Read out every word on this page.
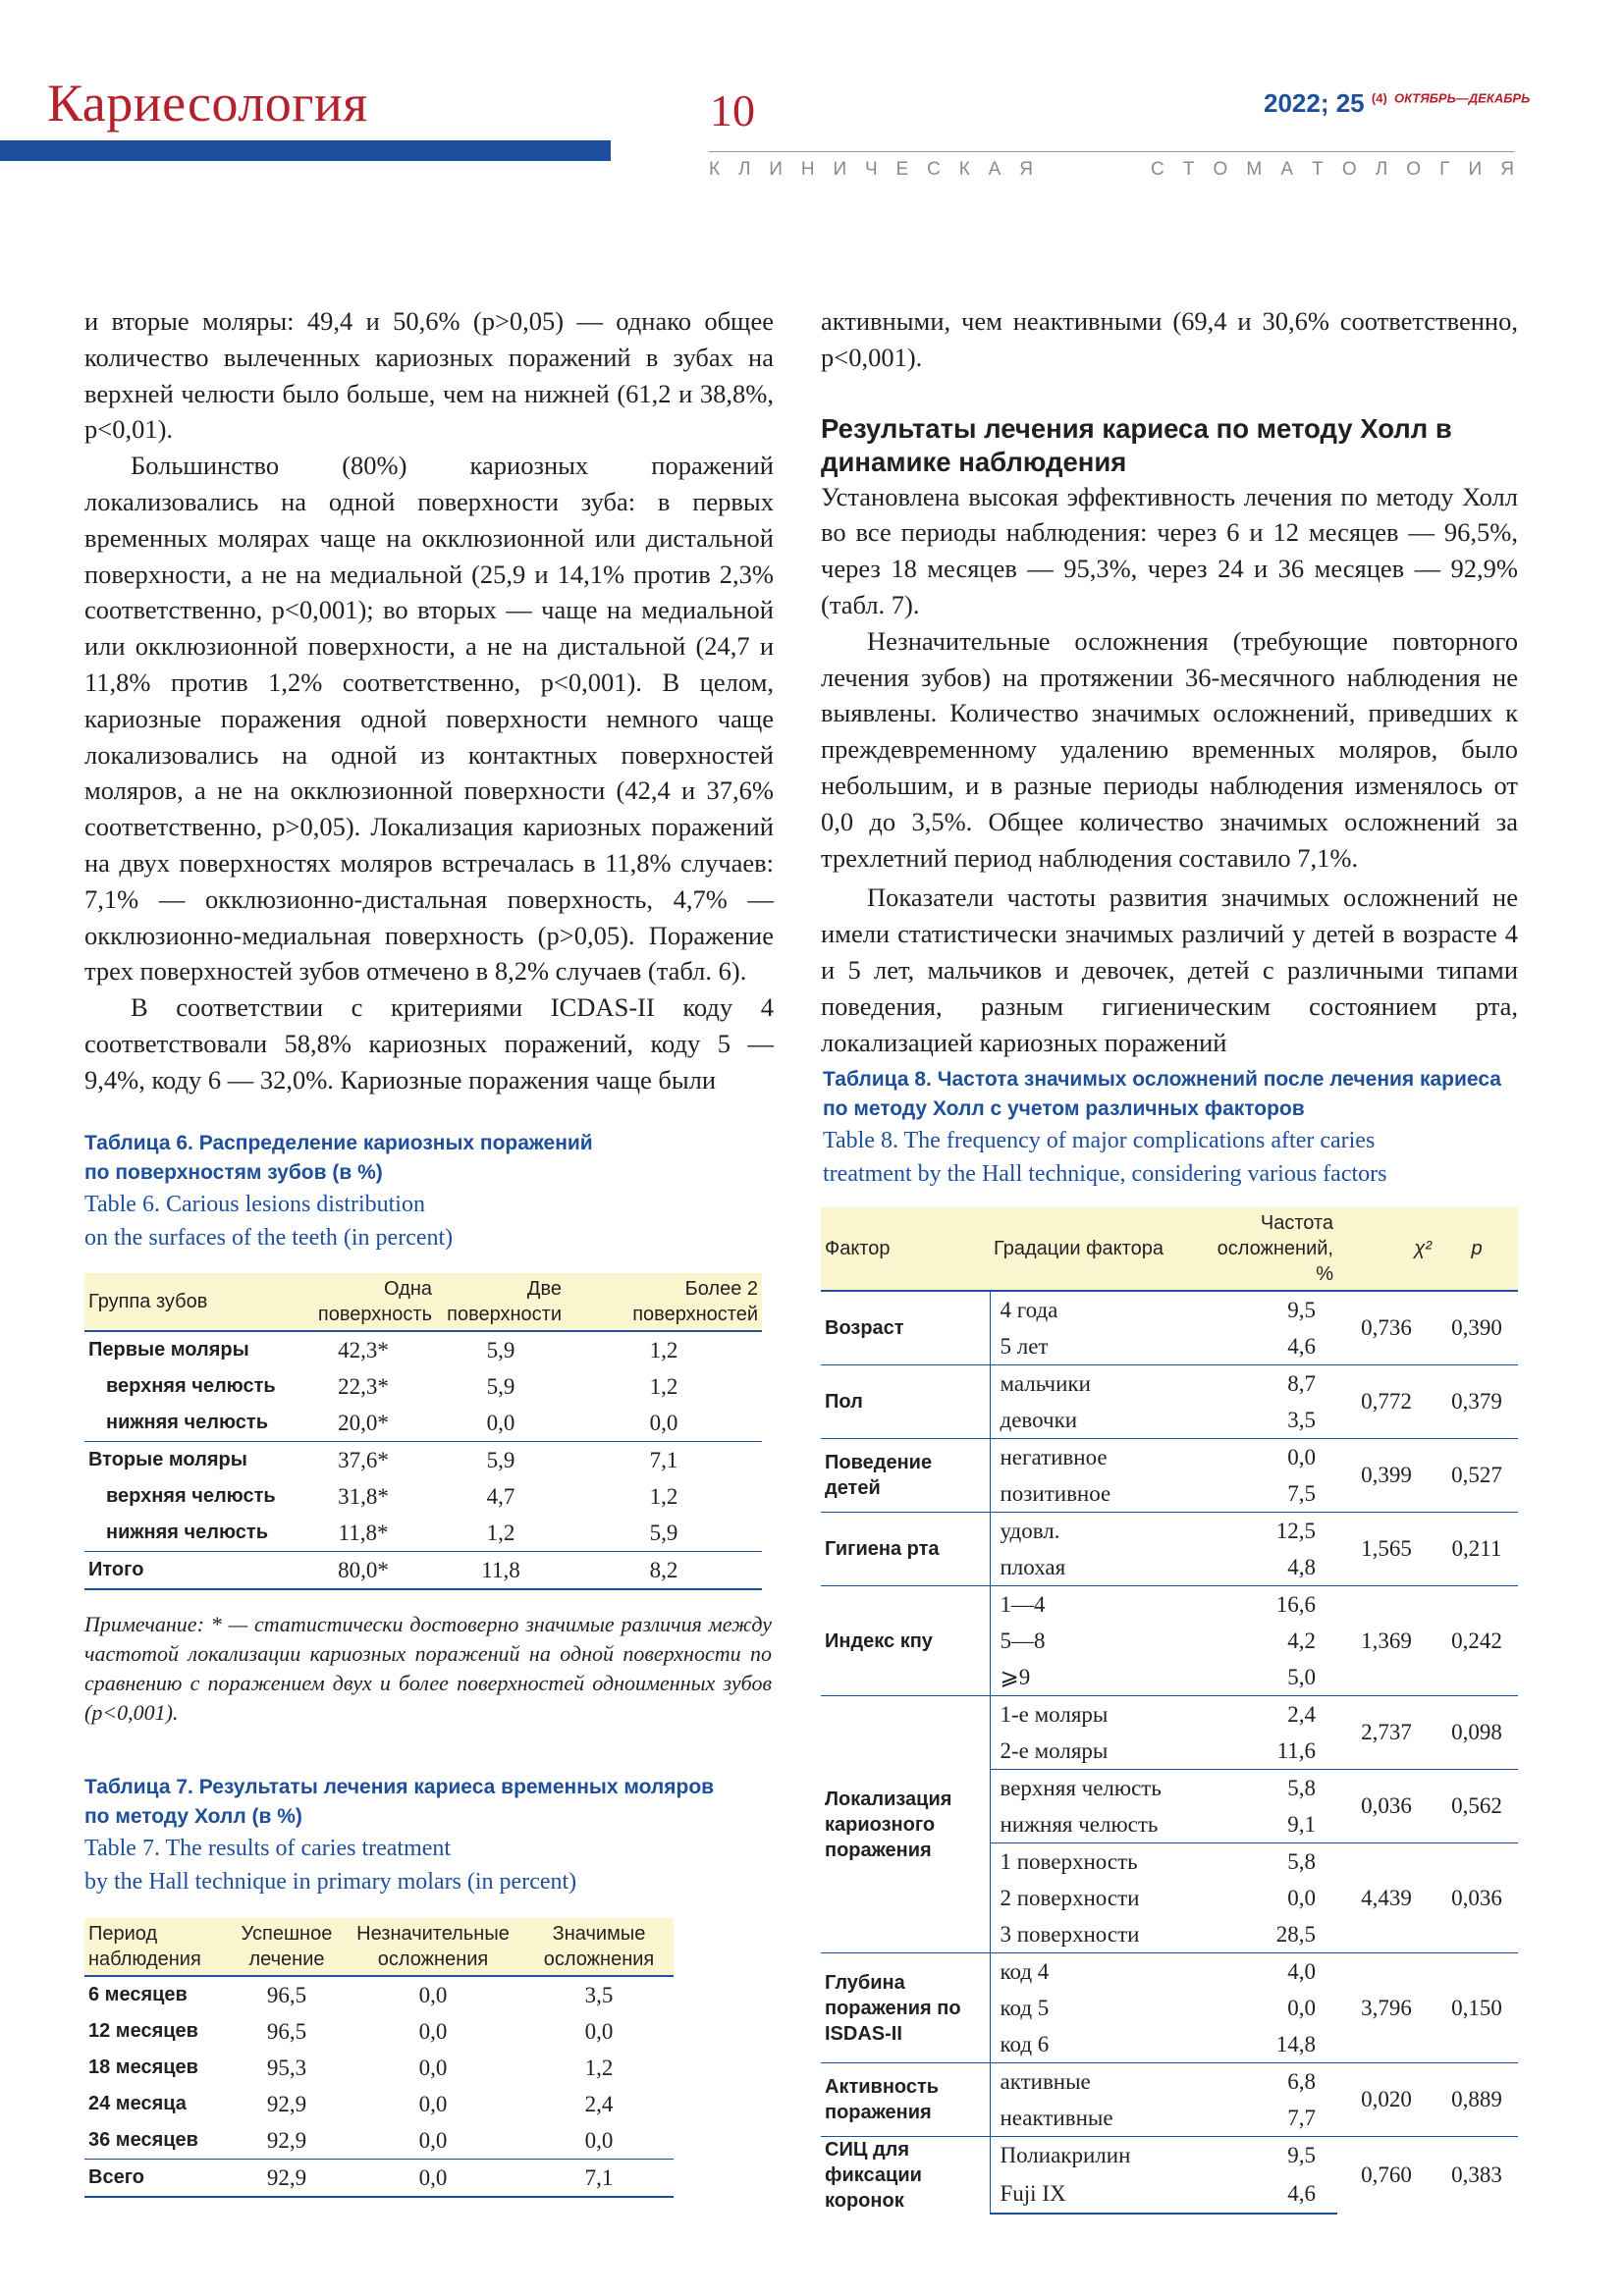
Кариесология	10	2022; 25 $^{(4)}$ $^{ОКТЯБРЬ—ДЕКАБРЬ}$
К Л И Н И Ч Е С К А Я	С Т О М А Т О Л О Г И Я

и вторые моляры: 49,4 и 50,6% (p>0,05) — однако общее количество вылеченных кариозных поражений в зубах на верхней челюсти было больше, чем на нижней (61,2 и 38,8%, p<0,01).

Большинство (80%) кариозных поражений локализовались на одной поверхности зуба: в первых временных молярах чаще на окклюзионной или дистальной поверхности, а не на медиальной (25,9 и 14,1% против 2,3% соответственно, p<0,001); во вторых — чаще на медиальной или окклюзионной поверхности, а не на дистальной (24,7 и 11,8% против 1,2% соответственно, p<0,001). В целом, кариозные поражения одной поверхности немного чаще локализовались на одной из контактных поверхностей моляров, а не на окклюзионной поверхности (42,4 и 37,6% соответственно, p>0,05). Локализация кариозных поражений на двух поверхностях моляров встречалась в 11,8% случаев: 7,1% — окклюзионно-дистальная поверхность, 4,7% — окклюзионно-медиальная поверхность (p>0,05). Поражение трех поверхностей зубов отмечено в 8,2% случаев (табл. 6).

В соответствии с критериями ICDAS-II коду 4 соответствовали 58,8% кариозных поражений, коду 5 — 9,4%, коду 6 — 32,0%. Кариозные поражения чаще были

активными, чем неактивными (69,4 и 30,6% соответственно, p<0,001).

Результаты лечения кариеса по методу Холл в динамике наблюдения

Установлена высокая эффективность лечения по методу Холл во все периоды наблюдения: через 6 и 12 месяцев — 96,5%, через 18 месяцев — 95,3%, через 24 и 36 месяцев — 92,9% (табл. 7).

Незначительные осложнения (требующие повторного лечения зубов) на протяжении 36-месячного наблюдения не выявлены. Количество значимых осложнений, приведших к преждевременному удалению временных моляров, было небольшим, и в разные периоды наблюдения изменялось от 0,0 до 3,5%. Общее количество значимых осложнений за трехлетний период наблюдения составило 7,1%.

Показатели частоты развития значимых осложнений не имели статистически значимых различий у детей в возрасте 4 и 5 лет, мальчиков и девочек, детей с различными типами поведения, разным гигиеническим состоянием рта, локализацией кариозных поражений

Таблица 6. Распределение кариозных поражений
по поверхностям зубов (в %)
Table 6. Carious lesions distribution
on the surfaces of the teeth (in percent)
Группа зубов	Одна поверхность	Две поверхности	Более 2 поверхностей
Первые моляры	42,3*	5,9	1,2
верхняя челюсть	22,3*	5,9	1,2
нижняя челюсть	20,0*	0,0	0,0
Вторые моляры	37,6*	5,9	7,1
верхняя челюсть	31,8*	4,7	1,2
нижняя челюсть	11,8*	1,2	5,9
Итого	80,0*	11,8	8,2
Примечание: * — статистически достоверно значимые различия между частотой локализации кариозных поражений на одной поверхности по сравнению с поражением двух и более поверхностей одноименных зубов (p<0,001).
Таблица 7. Результаты лечения кариеса временных моляров
по методу Холл (в %)
Table 7. The results of caries treatment
by the Hall technique in primary molars (in percent)
Период наблюдения	Успешное лечение	Незначительные осложнения	Значимые осложнения
6 месяцев	96,5	0,0	3,5
12 месяцев	96,5	0,0	0,0
18 месяцев	95,3	0,0	1,2
24 месяца	92,9	0,0	2,4
36 месяцев	92,9	0,0	0,0
Всего	92,9	0,0	7,1
Таблица 8. Частота значимых осложнений после лечения кариеса
по методу Холл с учетом различных факторов
Table 8. The frequency of major complications after caries
treatment by the Hall technique, considering various factors
Фактор	Градации фактора	Частота осложнений, %	χ²	p
Возраст	4 года	9,5	0,736	0,390
	5 лет	4,6		
Пол	мальчики	8,7	0,772	0,379
	девочки	3,5		
Поведение детей	негативное	0,0	0,399	0,527
	позитивное	7,5		
Гигиена рта	удовл.	12,5	1,565	0,211
	плохая	4,8		
Индекс кпу	1—4	16,6	1,369	0,242
	5—8	4,2		
	⩾9	5,0		
Локализация кариозного поражения	1-е моляры	2,4	2,737	0,098
	2-е моляры	11,6		
	верхняя челюсть	5,8	0,036	0,562
	нижняя челюсть	9,1		
	1 поверхность	5,8	4,439	0,036
	2 поверхности	0,0		
	3 поверхности	28,5		
Глубина поражения по ISDAS-II	код 4	4,0	3,796	0,150
	код 5	0,0		
	код 6	14,8		
Активность поражения	активные	6,8	0,020	0,889
	неактивные	7,7		
СИЦ для фиксации коронок	Полиакрилин	9,5	0,760	0,383
	Fuji IX	4,6		
